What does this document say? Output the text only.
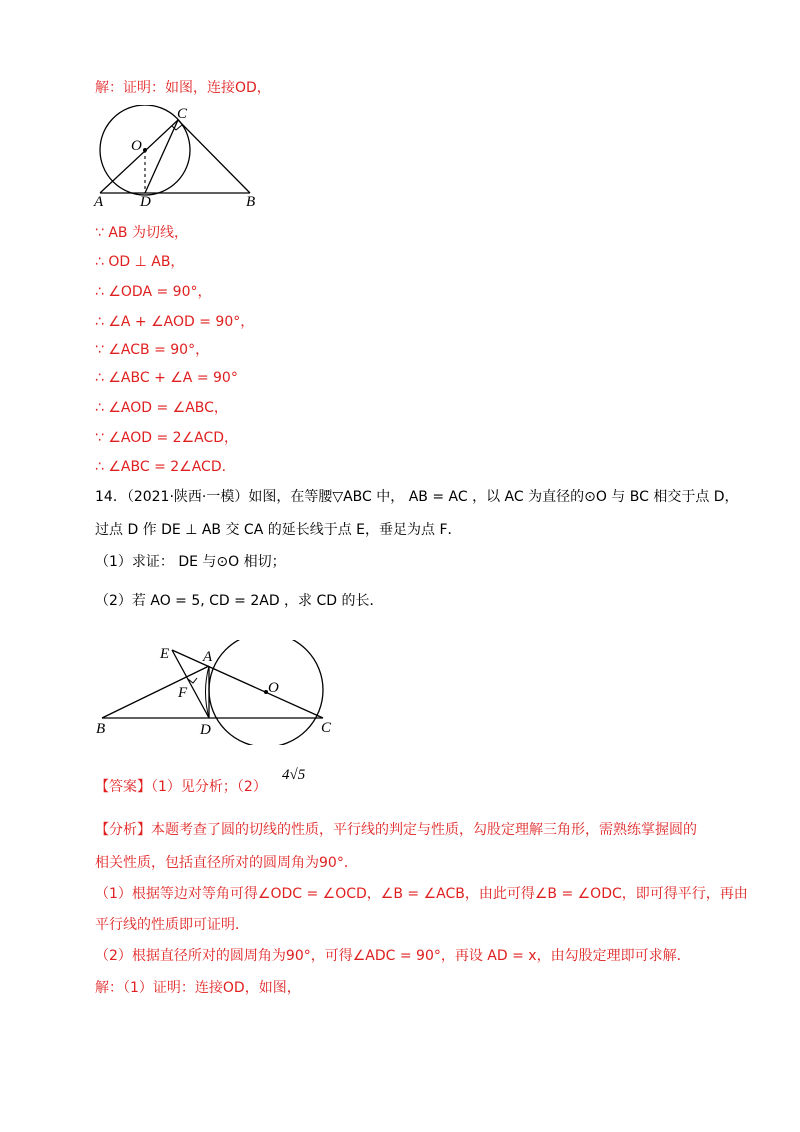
解：证明：如图，连接OD，
A	B
C
D
O
∵ AB 为切线，
∴ OD ⊥ AB，
∴ ∠ODA = 90°，
∴ ∠A + ∠AOD = 90°，
∵ ∠ACB = 90°，
∴ ∠ABC + ∠A = 90°
∴ ∠AOD = ∠ABC，
∵ ∠AOD = 2∠ACD，
∴ ∠ABC = 2∠ACD．
14．（2021·陕西·一模）如图，在等腰▽ABC 中， AB = AC ，以 AC 为直径的⊙O 与 BC 相交于点 D，
过点 D 作 DE ⊥ AB 交 CA 的延长线于点 E，垂足为点 F．
（1）求证： DE 与⊙O 相切；
（2）若 AO = 5, CD = 2AD ，求 CD 的长．
E A
F	O
B	D	C
【答案】（1）见分析；（2）
4√5
【分析】本题考查了圆的切线的性质，平行线的判定与性质，勾股定理解三角形，需熟练掌握圆的
相关性质，包括直径所对的圆周角为90°．
（1）根据等边对等角可得∠ODC = ∠OCD，∠B = ∠ACB，由此可得∠B = ∠ODC，即可得平行，再由
平行线的性质即可证明．
（2）根据直径所对的圆周角为90°，可得∠ADC = 90°，再设 AD = x，由勾股定理即可求解．
解：（1）证明：连接OD，如图，
